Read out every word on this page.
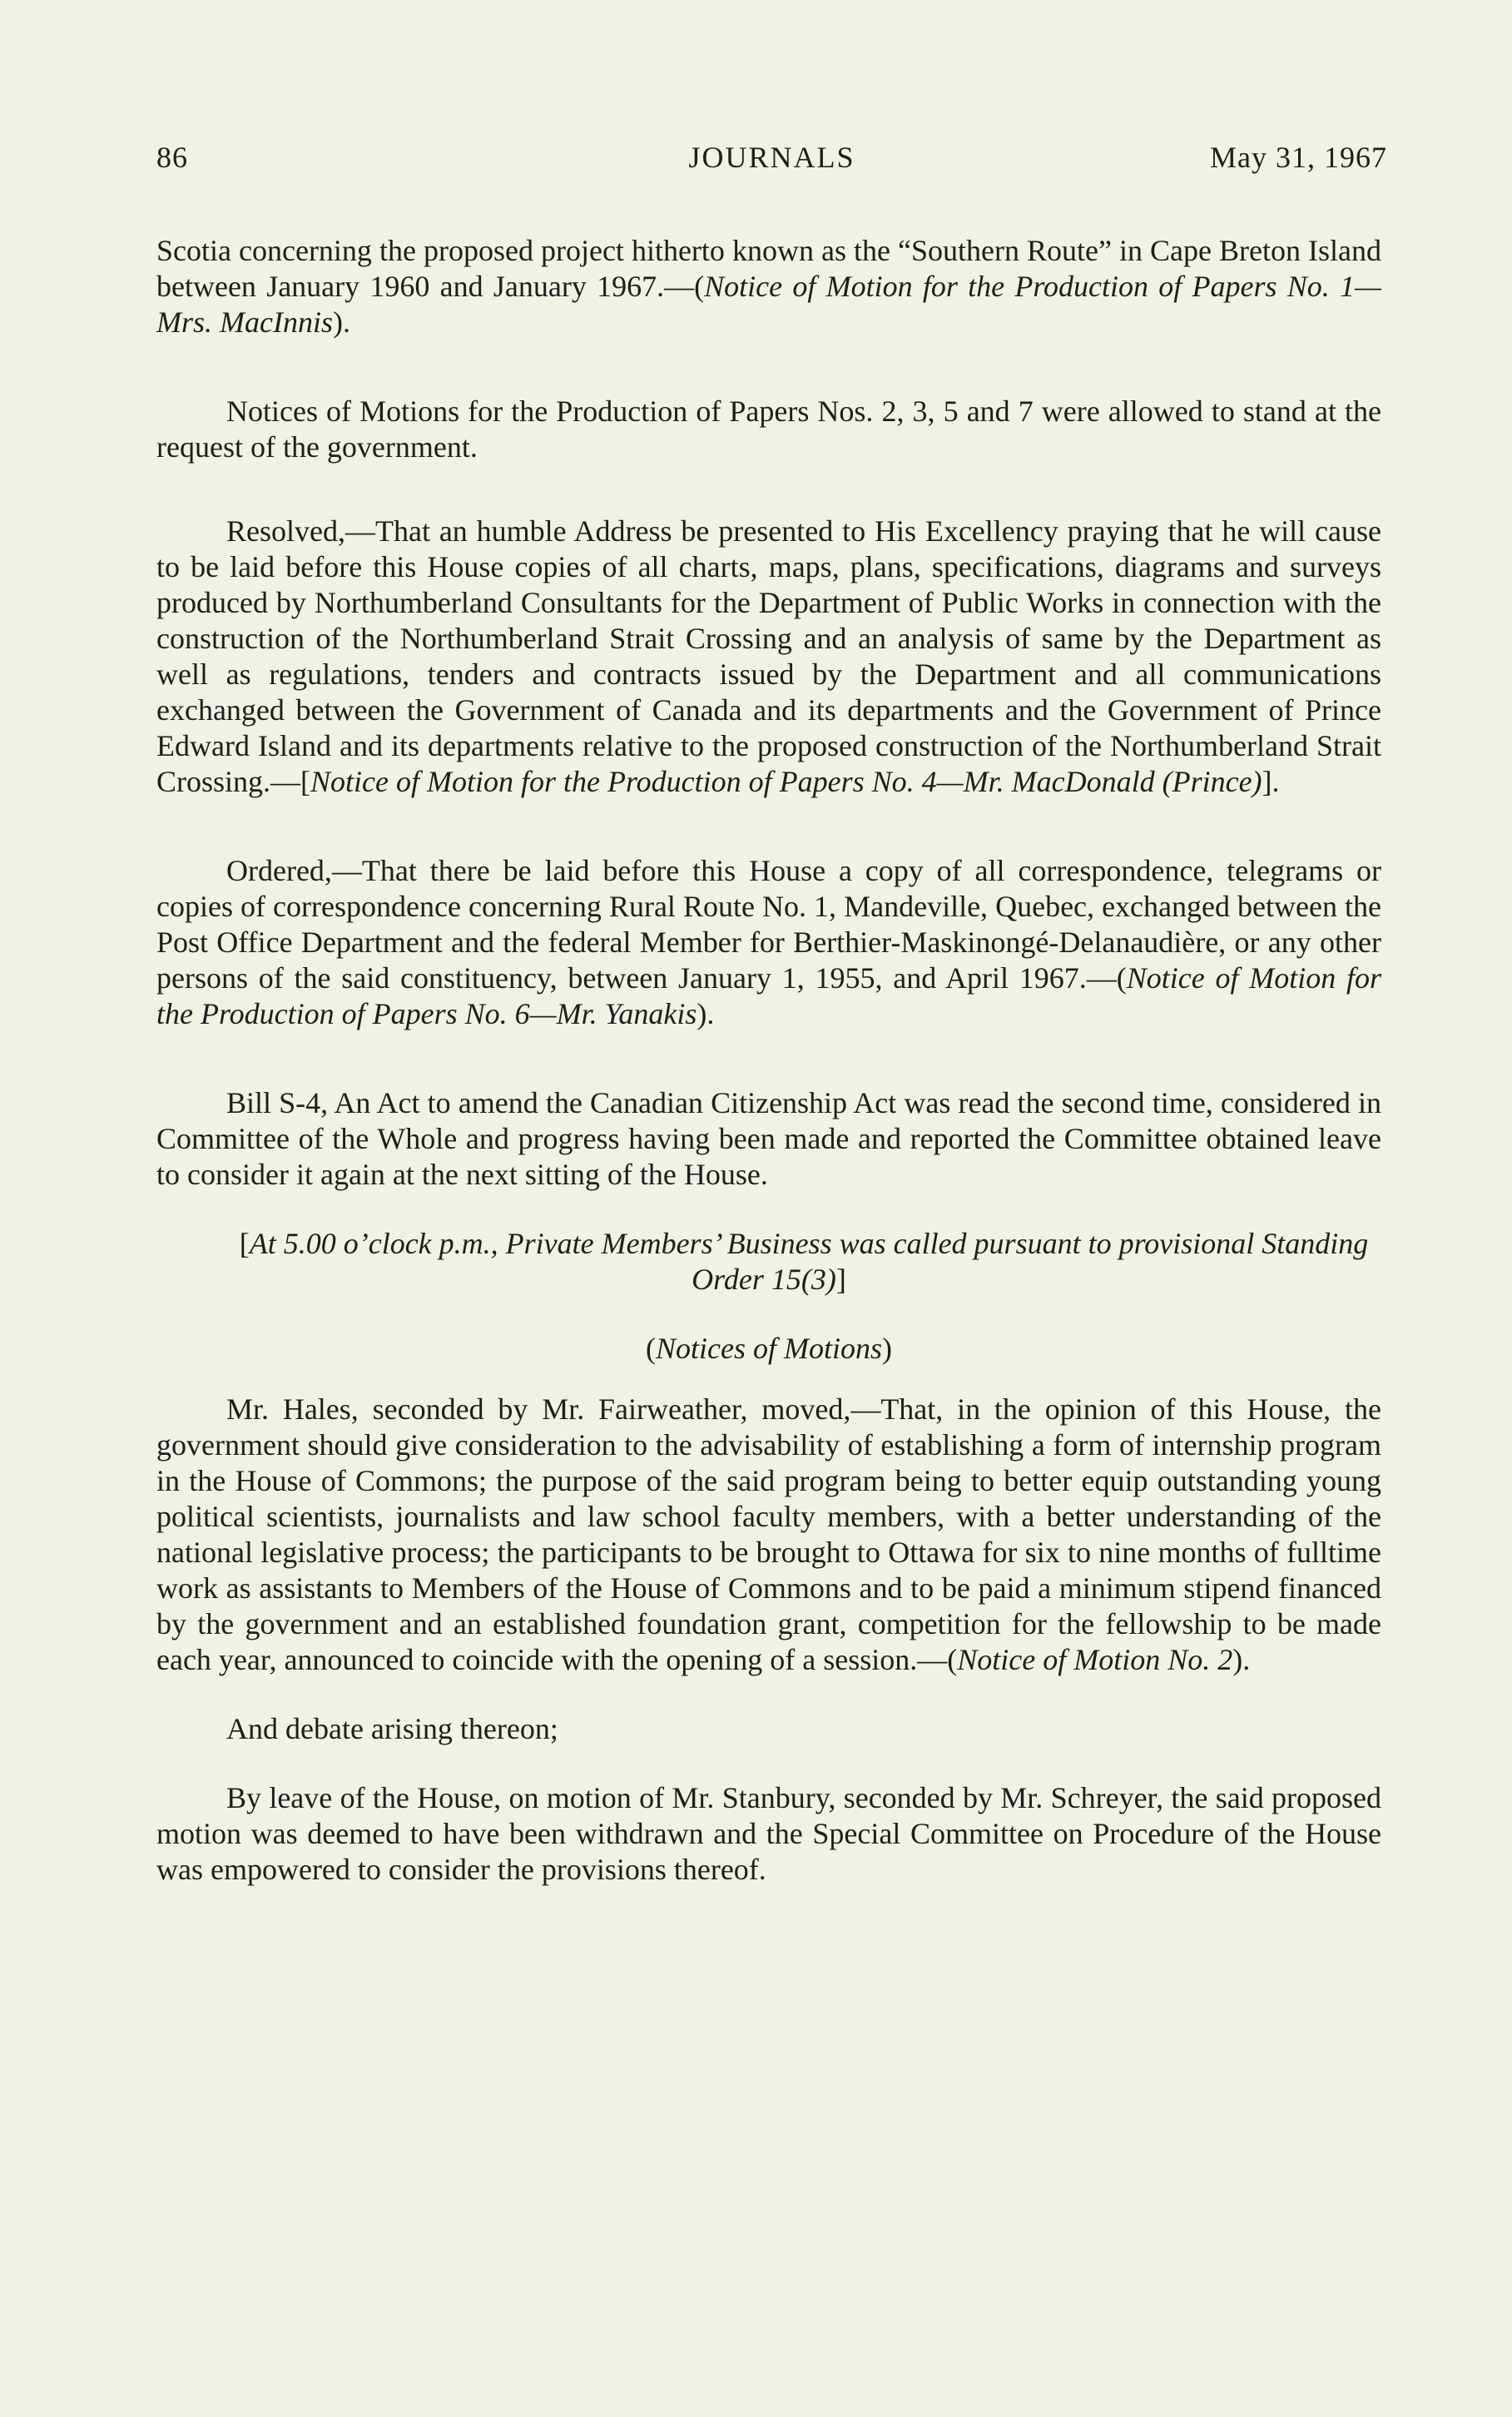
86	JOURNALS	May 31, 1967

Scotia concerning the proposed project hitherto known as the “Southern Route” in Cape Breton Island between January 1960 and January 1967.—(Notice of Motion for the Production of Papers No. 1—Mrs. MacInnis).

Notices of Motions for the Production of Papers Nos. 2, 3, 5 and 7 were allowed to stand at the request of the government.

Resolved,—That an humble Address be presented to His Excellency praying that he will cause to be laid before this House copies of all charts, maps, plans, specifications, diagrams and surveys produced by Northumberland Consultants for the Department of Public Works in connection with the construction of the Northumberland Strait Crossing and an analysis of same by the Department as well as regulations, tenders and contracts issued by the Department and all communications exchanged between the Government of Canada and its departments and the Government of Prince Edward Island and its departments relative to the proposed construction of the Northumberland Strait Crossing.—[Notice of Motion for the Production of Papers No. 4—Mr. MacDonald (Prince)].

Ordered,—That there be laid before this House a copy of all correspondence, telegrams or copies of correspondence concerning Rural Route No. 1, Mandeville, Quebec, exchanged between the Post Office Department and the federal Member for Berthier-Maskinongé-Delanaudière, or any other persons of the said constituency, between January 1, 1955, and April 1967.—(Notice of Motion for the Production of Papers No. 6—Mr. Yanakis).

Bill S-4, An Act to amend the Canadian Citizenship Act was read the second time, considered in Committee of the Whole and progress having been made and reported the Committee obtained leave to consider it again at the next sitting of the House.

[At 5.00 o’clock p.m., Private Members’ Business was called pursuant to provisional Standing Order 15(3)]

(Notices of Motions)

Mr. Hales, seconded by Mr. Fairweather, moved,—That, in the opinion of this House, the government should give consideration to the advisability of establishing a form of internship program in the House of Commons; the purpose of the said program being to better equip outstanding young political scientists, journalists and law school faculty members, with a better understanding of the national legislative process; the participants to be brought to Ottawa for six to nine months of fulltime work as assistants to Members of the House of Commons and to be paid a minimum stipend financed by the government and an established foundation grant, competition for the fellowship to be made each year, announced to coincide with the opening of a session.—(Notice of Motion No. 2).

And debate arising thereon;

By leave of the House, on motion of Mr. Stanbury, seconded by Mr. Schreyer, the said proposed motion was deemed to have been withdrawn and the Special Committee on Procedure of the House was empowered to consider the provisions thereof.
